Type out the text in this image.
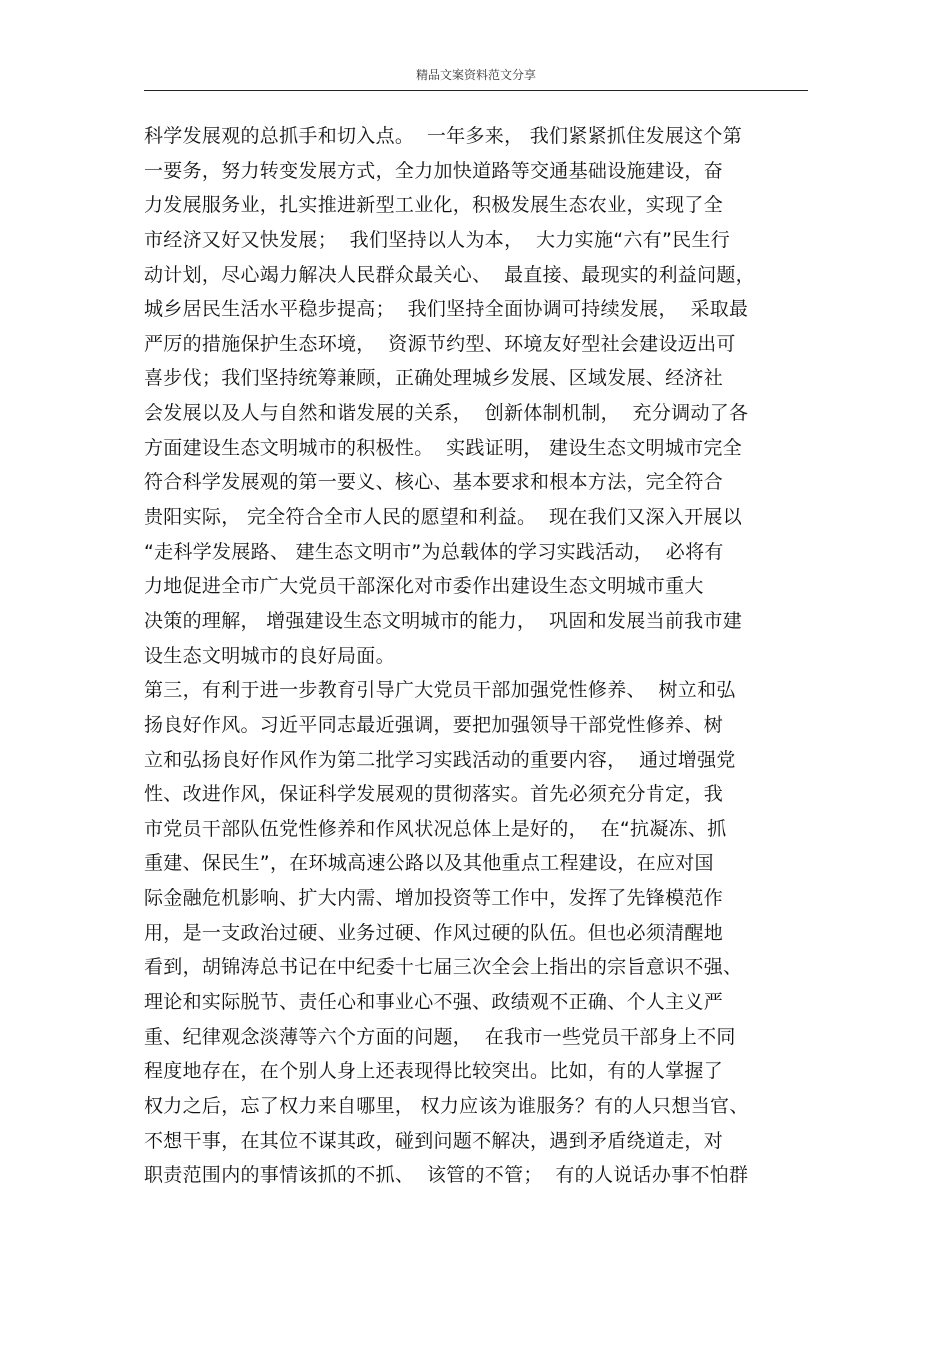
精品文案资料范文分享
科学发展观的总抓手和切入点。  一年多来， 我们紧紧抓住发展这个第
一要务，努力转变发展方式，全力加快道路等交通基础设施建设，奋
力发展服务业，扎实推进新型工业化，积极发展生态农业，实现了全
市经济又好又快发展；  我们坚持以人为本，  大力实施“六有”民生行
动计划，尽心竭力解决人民群众最关心、  最直接、最现实的利益问题，
城乡居民生活水平稳步提高；  我们坚持全面协调可持续发展，  采取最
严厉的措施保护生态环境，  资源节约型、环境友好型社会建设迈出可
喜步伐；我们坚持统筹兼顾，正确处理城乡发展、区域发展、经济社
会发展以及人与自然和谐发展的关系，  创新体制机制，  充分调动了各
方面建设生态文明城市的积极性。  实践证明， 建设生态文明城市完全
符合科学发展观的第一要义、核心、基本要求和根本方法，完全符合
贵阳实际， 完全符合全市人民的愿望和利益。  现在我们又深入开展以
“走科学发展路、 建生态文明市”为总载体的学习实践活动，  必将有
力地促进全市广大党员干部深化对市委作出建设生态文明城市重大
决策的理解， 增强建设生态文明城市的能力，  巩固和发展当前我市建
设生态文明城市的良好局面。
第三，有利于进一步教育引导广大党员干部加强党性修养、  树立和弘
扬良好作风。习近平同志最近强调，要把加强领导干部党性修养、树
立和弘扬良好作风作为第二批学习实践活动的重要内容，  通过增强党
性、改进作风，保证科学发展观的贯彻落实。首先必须充分肯定，我
市党员干部队伍党性修养和作风状况总体上是好的，  在“抗凝冻、抓
重建、保民生”，在环城高速公路以及其他重点工程建设，在应对国
际金融危机影响、扩大内需、增加投资等工作中，发挥了先锋模范作
用，是一支政治过硬、业务过硬、作风过硬的队伍。但也必须清醒地
看到，胡锦涛总书记在中纪委十七届三次全会上指出的宗旨意识不强、
理论和实际脱节、责任心和事业心不强、政绩观不正确、个人主义严
重、纪律观念淡薄等六个方面的问题，  在我市一些党员干部身上不同
程度地存在，在个别人身上还表现得比较突出。比如，有的人掌握了
权力之后，忘了权力来自哪里， 权力应该为谁服务？有的人只想当官、
不想干事，在其位不谋其政，碰到问题不解决，遇到矛盾绕道走，对
职责范围内的事情该抓的不抓、  该管的不管；  有的人说话办事不怕群
